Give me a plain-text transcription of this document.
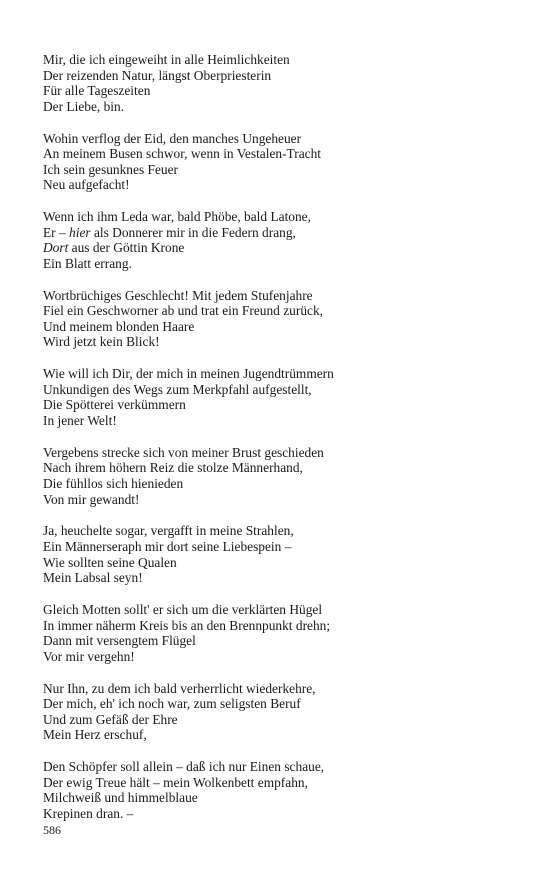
Mir, die ich eingeweiht in alle Heimlichkeiten
Der reizenden Natur, längst Oberpriesterin
Für alle Tageszeiten
Der Liebe, bin.
Wohin verflog der Eid, den manches Ungeheuer
An meinem Busen schwor, wenn in Vestalen-Tracht
Ich sein gesunknes Feuer
Neu aufgefacht!
Wenn ich ihm Leda war, bald Phöbe, bald Latone,
Er – hier als Donnerer mir in die Federn drang,
Dort aus der Göttin Krone
Ein Blatt errang.
Wortbrüchiges Geschlecht! Mit jedem Stufenjahre
Fiel ein Geschworner ab und trat ein Freund zurück,
Und meinem blonden Haare
Wird jetzt kein Blick!
Wie will ich Dir, der mich in meinen Jugendtrümmern
Unkundigen des Wegs zum Merkpfahl aufgestellt,
Die Spötterei verkümmern
In jener Welt!
Vergebens strecke sich von meiner Brust geschieden
Nach ihrem höhern Reiz die stolze Männerhand,
Die fühllos sich hienieden
Von mir gewandt!
Ja, heuchelte sogar, vergafft in meine Strahlen,
Ein Männerseraph mir dort seine Liebespein –
Wie sollten seine Qualen
Mein Labsal seyn!
Gleich Motten sollt' er sich um die verklärten Hügel
In immer näherm Kreis bis an den Brennpunkt drehn;
Dann mit versengtem Flügel
Vor mir vergehn!
Nur Ihn, zu dem ich bald verherrlicht wiederkehre,
Der mich, eh' ich noch war, zum seligsten Beruf
Und zum Gefäß der Ehre
Mein Herz erschuf,
Den Schöpfer soll allein – daß ich nur Einen schaue,
Der ewig Treue hält – mein Wolkenbett empfahn,
Milchweiß und himmelblaue
Krepinen dran. –
586
